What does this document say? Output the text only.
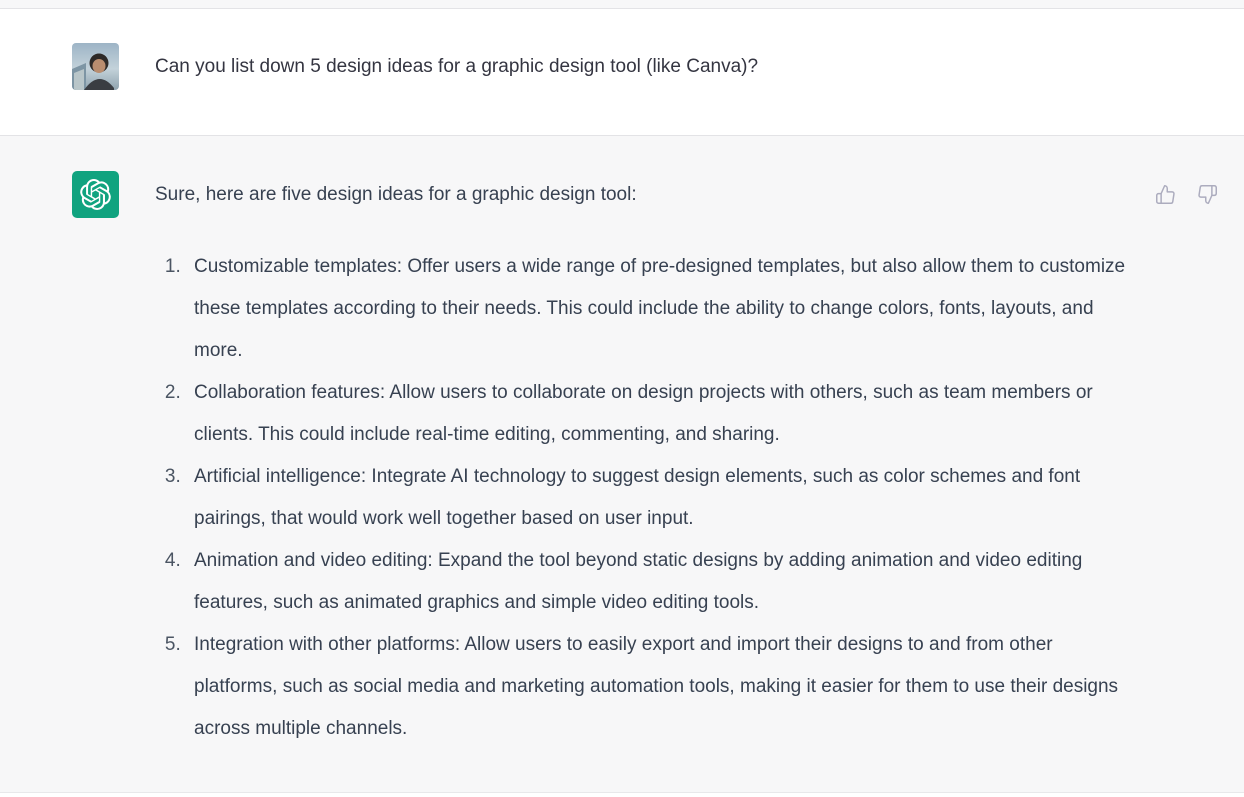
Can you list down 5 design ideas for a graphic design tool (like Canva)?

Sure, here are five design ideas for a graphic design tool:

1. Customizable templates: Offer users a wide range of pre-designed templates, but also allow them to customize these templates according to their needs. This could include the ability to change colors, fonts, layouts, and more.
2. Collaboration features: Allow users to collaborate on design projects with others, such as team members or clients. This could include real-time editing, commenting, and sharing.
3. Artificial intelligence: Integrate AI technology to suggest design elements, such as color schemes and font pairings, that would work well together based on user input.
4. Animation and video editing: Expand the tool beyond static designs by adding animation and video editing features, such as animated graphics and simple video editing tools.
5. Integration with other platforms: Allow users to easily export and import their designs to and from other platforms, such as social media and marketing automation tools, making it easier for them to use their designs across multiple channels.
